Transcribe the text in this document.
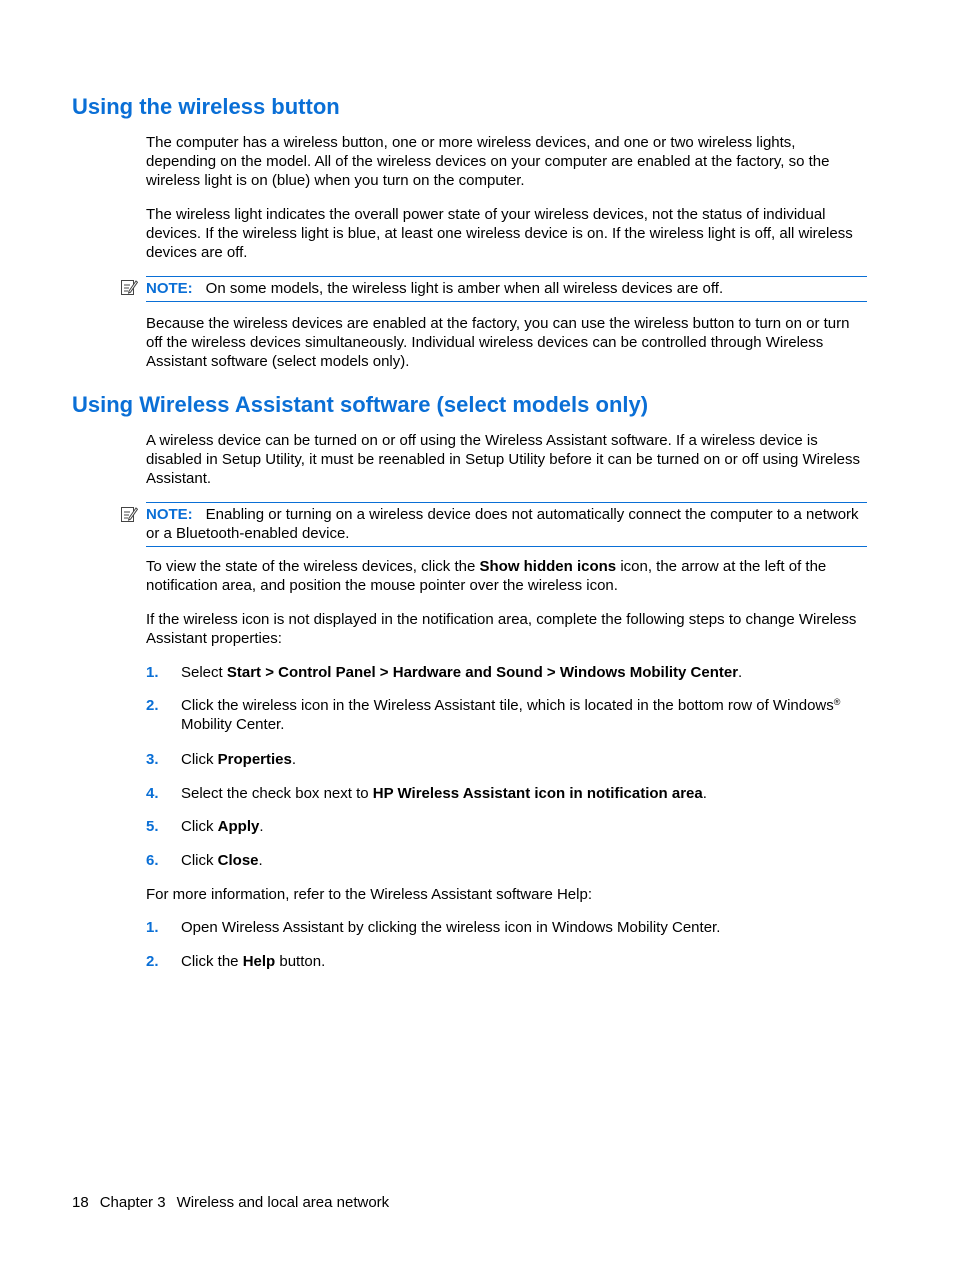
Using the wireless button

The computer has a wireless button, one or more wireless devices, and one or two wireless lights, depending on the model. All of the wireless devices on your computer are enabled at the factory, so the wireless light is on (blue) when you turn on the computer.

The wireless light indicates the overall power state of your wireless devices, not the status of individual devices. If the wireless light is blue, at least one wireless device is on. If the wireless light is off, all wireless devices are off.

NOTE: On some models, the wireless light is amber when all wireless devices are off.

Because the wireless devices are enabled at the factory, you can use the wireless button to turn on or turn off the wireless devices simultaneously. Individual wireless devices can be controlled through Wireless Assistant software (select models only).

Using Wireless Assistant software (select models only)

A wireless device can be turned on or off using the Wireless Assistant software. If a wireless device is disabled in Setup Utility, it must be reenabled in Setup Utility before it can be turned on or off using Wireless Assistant.

NOTE: Enabling or turning on a wireless device does not automatically connect the computer to a network or a Bluetooth-enabled device.

To view the state of the wireless devices, click the Show hidden icons icon, the arrow at the left of the notification area, and position the mouse pointer over the wireless icon.

If the wireless icon is not displayed in the notification area, complete the following steps to change Wireless Assistant properties:

1. Select Start > Control Panel > Hardware and Sound > Windows Mobility Center.
2. Click the wireless icon in the Wireless Assistant tile, which is located in the bottom row of Windows® Mobility Center.
3. Click Properties.
4. Select the check box next to HP Wireless Assistant icon in notification area.
5. Click Apply.
6. Click Close.

For more information, refer to the Wireless Assistant software Help:

1. Open Wireless Assistant by clicking the wireless icon in Windows Mobility Center.
2. Click the Help button.
18 Chapter 3 Wireless and local area network
